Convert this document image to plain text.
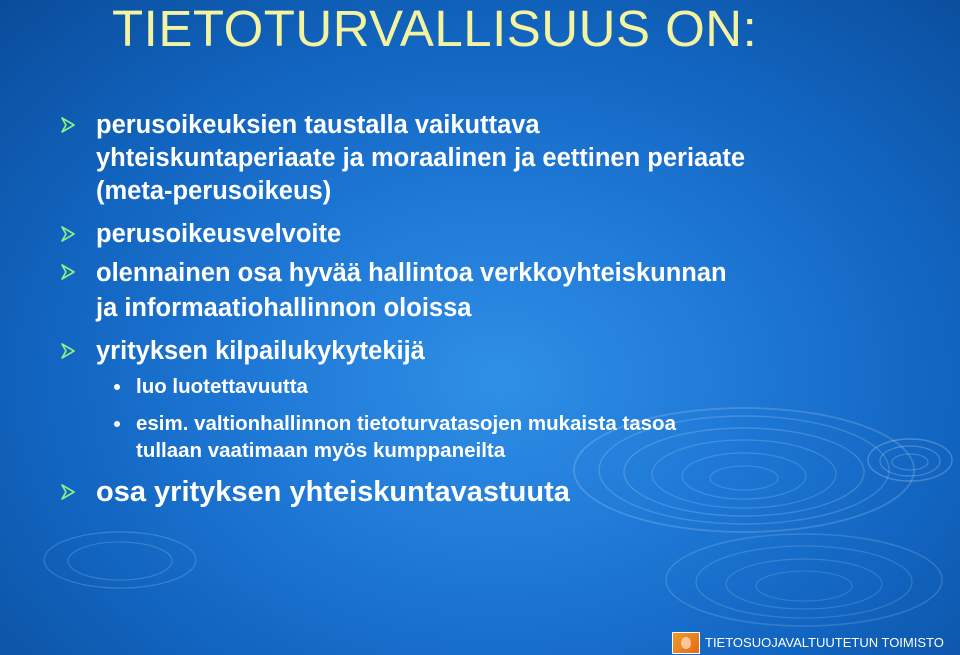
TIETOTURVALLISUUS ON:

perusoikeuksien taustalla vaikuttava

yhteiskuntaperiaate ja moraalinen ja eettinen periaate

(meta-perusoikeus)

perusoikeusvelvoite

olennainen osa hyvää hallintoa verkkoyhteiskunnan

ja informaatiohallinnon oloissa

yrityksen kilpailukykytekijä

luo luotettavuutta

esim. valtionhallinnon tietoturvatasojen mukaista tasoa

tullaan vaatimaan myös kumppaneilta

osa yrityksen yhteiskuntavastuuta

TIETOSUOJAVALTUUTETUN TOIMISTO
